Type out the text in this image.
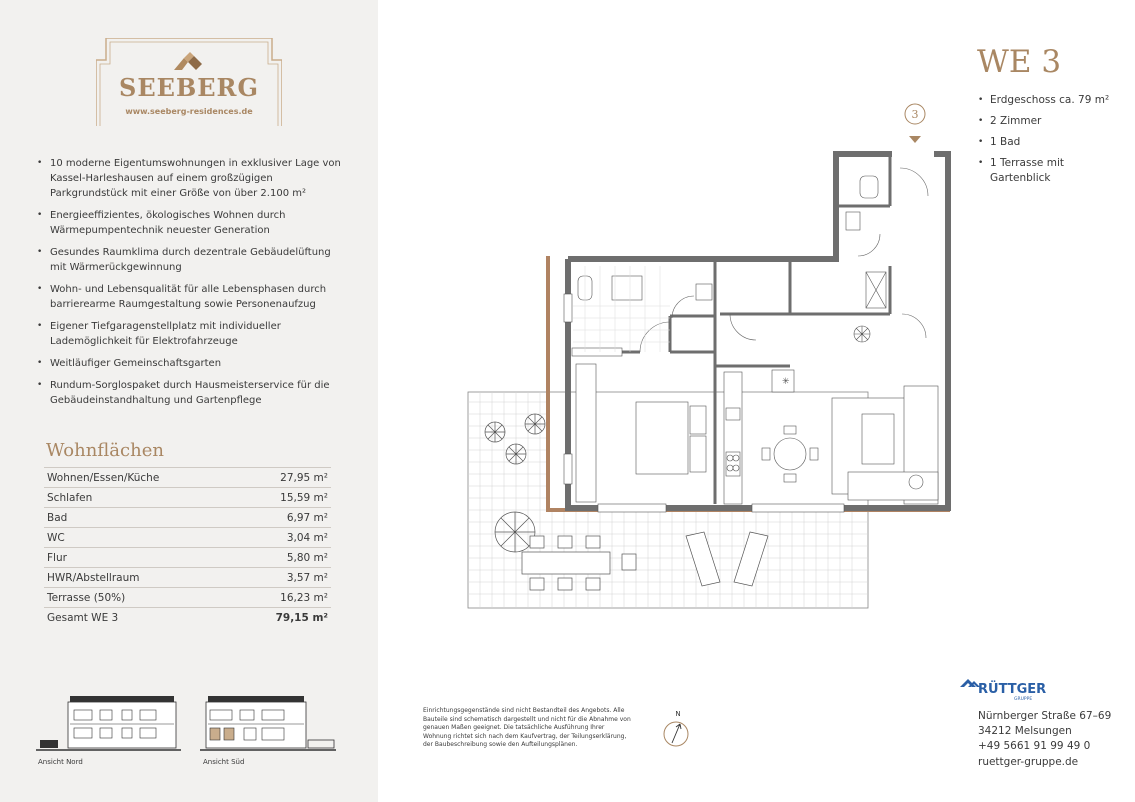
SEEBERG
www.seeberg-residences.de
• 10 moderne Eigentumswohnungen in exklusiver Lage von Kassel-Harleshausen auf einem großzügigen Parkgrundstück mit einer Größe von über 2.100 m²
• Energieeffizientes, ökologisches Wohnen durch Wärmepumpentechnik neuester Generation
• Gesundes Raumklima durch dezentrale Gebäudelüftung mit Wärmerückgewinnung
• Wohn- und Lebensqualität für alle Lebensphasen durch barrierearme Raumgestaltung sowie Personenaufzug
• Eigener Tiefgaragenstellplatz mit individueller Lademöglichkeit für Elektrofahrzeuge
• Weitläufiger Gemeinschaftsgarten
• Rundum-Sorglospaket durch Hausmeisterservice für die Gebäudeinstandhaltung und Gartenpflege
Wohnflächen
Wohnen/Essen/Küche	27,95 m²
Schlafen	15,59 m²
Bad	6,97 m²
WC	3,04 m²
Flur	5,80 m²
HWR/Abstellraum	3,57 m²
Terrasse (50%)	16,23 m²
Gesamt WE 3	79,15 m²
Ansicht Nord	Ansicht Süd
WE 3
• Erdgeschoss ca. 79 m²
• 2 Zimmer
• 1 Bad
• 1 Terrasse mit Gartenblick
3
✳
Einrichtungsgegenstände sind nicht Bestandteil des Angebots. Alle Bauteile sind schematisch dargestellt und nicht für die Abnahme von genauen Maßen geeignet. Die tatsächliche Ausführung Ihrer Wohnung richtet sich nach dem Kaufvertrag, der Teilungserklärung, der Baubeschreibung sowie den Aufteilungsplänen.
N
RÜTTGER
GRUPPE
Nürnberger Straße 67–69
34212 Melsungen
+49 5661 91 99 49 0
ruettger-gruppe.de
